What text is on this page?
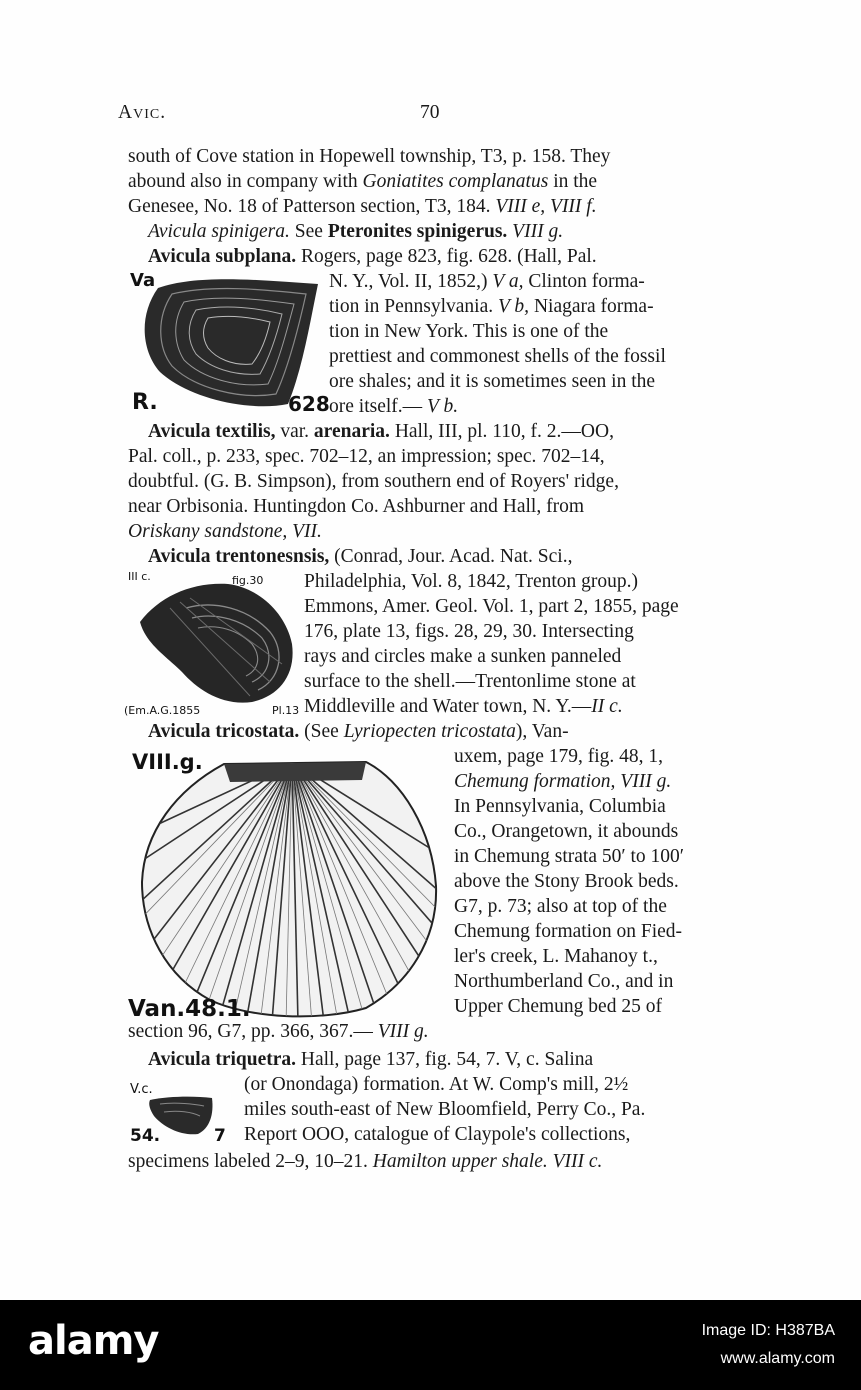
Avic.	70
south of Cove station in Hopewell township, T3, p. 158. They
abound also in company with Goniatites complanatus in the
Genesee, No. 18 of Patterson section, T3, 184. VIII e, VIII f.
Avicula spinigera. See Pteronites spinigerus. VIII g.
Avicula subplana. Rogers, page 823, fig. 628. (Hall, Pal.
N. Y., Vol. II, 1852,) V a, Clinton forma-
tion in Pennsylvania. V b, Niagara forma-
tion in New York. This is one of the
prettiest and commonest shells of the fossil
ore shales; and it is sometimes seen in the
ore itself.— V b.
Va
R.	628
Avicula textilis, var. arenaria. Hall, III, pl. 110, f. 2.—OO,
Pal. coll., p. 233, spec. 702–12, an impression; spec. 702–14,
doubtful. (G. B. Simpson), from southern end of Royers' ridge,
near Orbisonia. Huntingdon Co. Ashburner and Hall, from
Oriskany sandstone, VII.
Avicula trentonesnsis, (Conrad, Jour. Acad. Nat. Sci.,
Philadelphia, Vol. 8, 1842, Trenton group.)
Emmons, Amer. Geol. Vol. 1, part 2, 1855, page
176, plate 13, figs. 28, 29, 30. Intersecting
rays and circles make a sunken panneled
surface to the shell.—Trentonlime stone at
Middleville and Water town, N. Y.—II c.
III c.	fig.30
(Em.A.G.1855	Pl.13
Avicula tricostata. (See Lyriopecten tricostata), Van-
uxem, page 179, fig. 48, 1,
Chemung formation, VIII g.
In Pennsylvania, Columbia
Co., Orangetown, it abounds
in Chemung strata 50′ to 100′
above the Stony Brook beds.
G7, p. 73; also at top of the
Chemung formation on Fied-
ler's creek, L. Mahanoy t.,
Northumberland Co., and in
Upper Chemung bed 25 of
section 96, G7, pp. 366, 367.— VIII g.
VIII.g.
Van.48.1.
Avicula triquetra. Hall, page 137, fig. 54, 7. V, c. Salina
(or Onondaga) formation. At W. Comp's mill, 2½
miles south-east of New Bloomfield, Perry Co., Pa.
Report OOO, catalogue of Claypole's collections,
specimens labeled 2–9, 10–21. Hamilton upper shale. VIII c.
V.c.
54.	7
alamy	Image ID: H387BA
www.alamy.com
